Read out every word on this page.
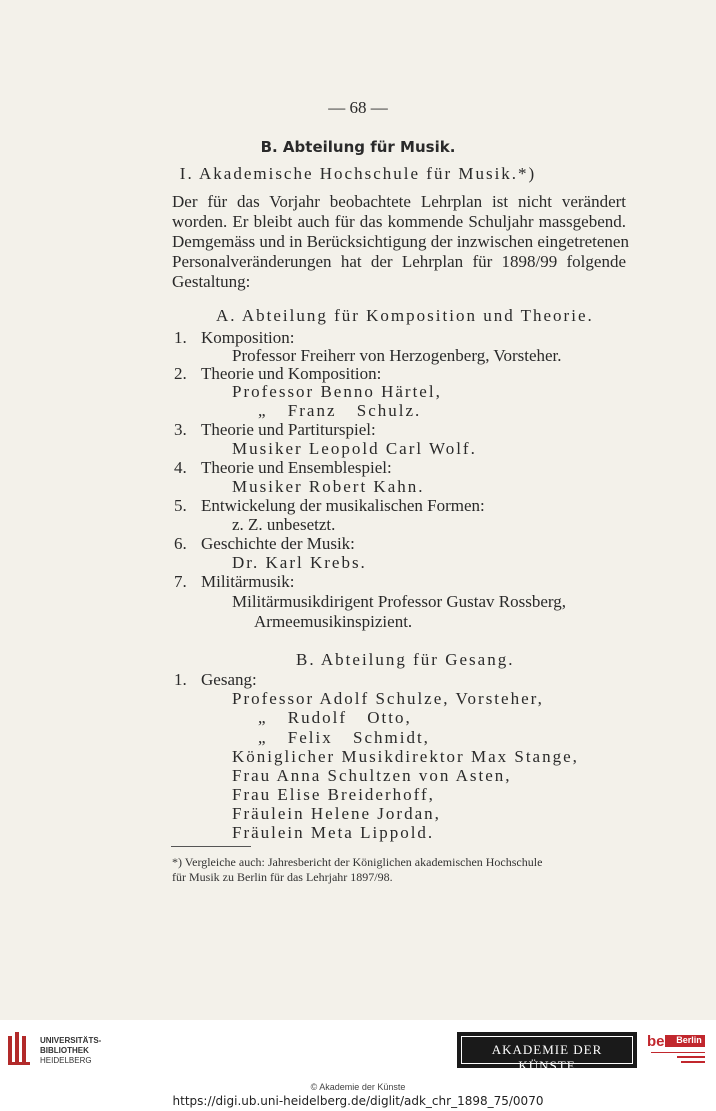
— 68 —
B. Abteilung für Musik.
I. Akademische Hochschule für Musik.*)
Der für das Vorjahr beobachtete Lehrplan ist nicht verändert
worden. Er bleibt auch für das kommende Schuljahr massgebend.
Demgemäss und in Berücksichtigung der inzwischen eingetretenen
Personalveränderungen hat der Lehrplan für 1898/99 folgende
Gestaltung:
A. Abteilung für Komposition und Theorie.
1. Komposition:
Professor Freiherr von Herzogenberg, Vorsteher.
2. Theorie und Komposition:
Professor Benno Härtel,
„ Franz Schulz.
3. Theorie und Partiturspiel:
Musiker Leopold Carl Wolf.
4. Theorie und Ensemblespiel:
Musiker Robert Kahn.
5. Entwickelung der musikalischen Formen:
z. Z. unbesetzt.
6. Geschichte der Musik:
Dr. Karl Krebs.
7. Militärmusik:
Militärmusikdirigent Professor Gustav Rossberg,
Armeemusikinspizient.
B. Abteilung für Gesang.
1. Gesang:
Professor Adolf Schulze, Vorsteher,
„ Rudolf Otto,
„ Felix Schmidt,
Königlicher Musikdirektor Max Stange,
Frau Anna Schultzen von Asten,
Frau Elise Breiderhoff,
Fräulein Helene Jordan,
Fräulein Meta Lippold.
*) Vergleiche auch: Jahresbericht der Königlichen akademischen Hochschule
für Musik zu Berlin für das Lehrjahr 1897/98.
UNIVERSITÄTS-
BIBLIOTHEK
HEIDELBERG
AKADEMIE DER KÜNSTE
be	Berlin
© Akademie der Künste
https://digi.ub.uni-heidelberg.de/diglit/adk_chr_1898_75/0070
